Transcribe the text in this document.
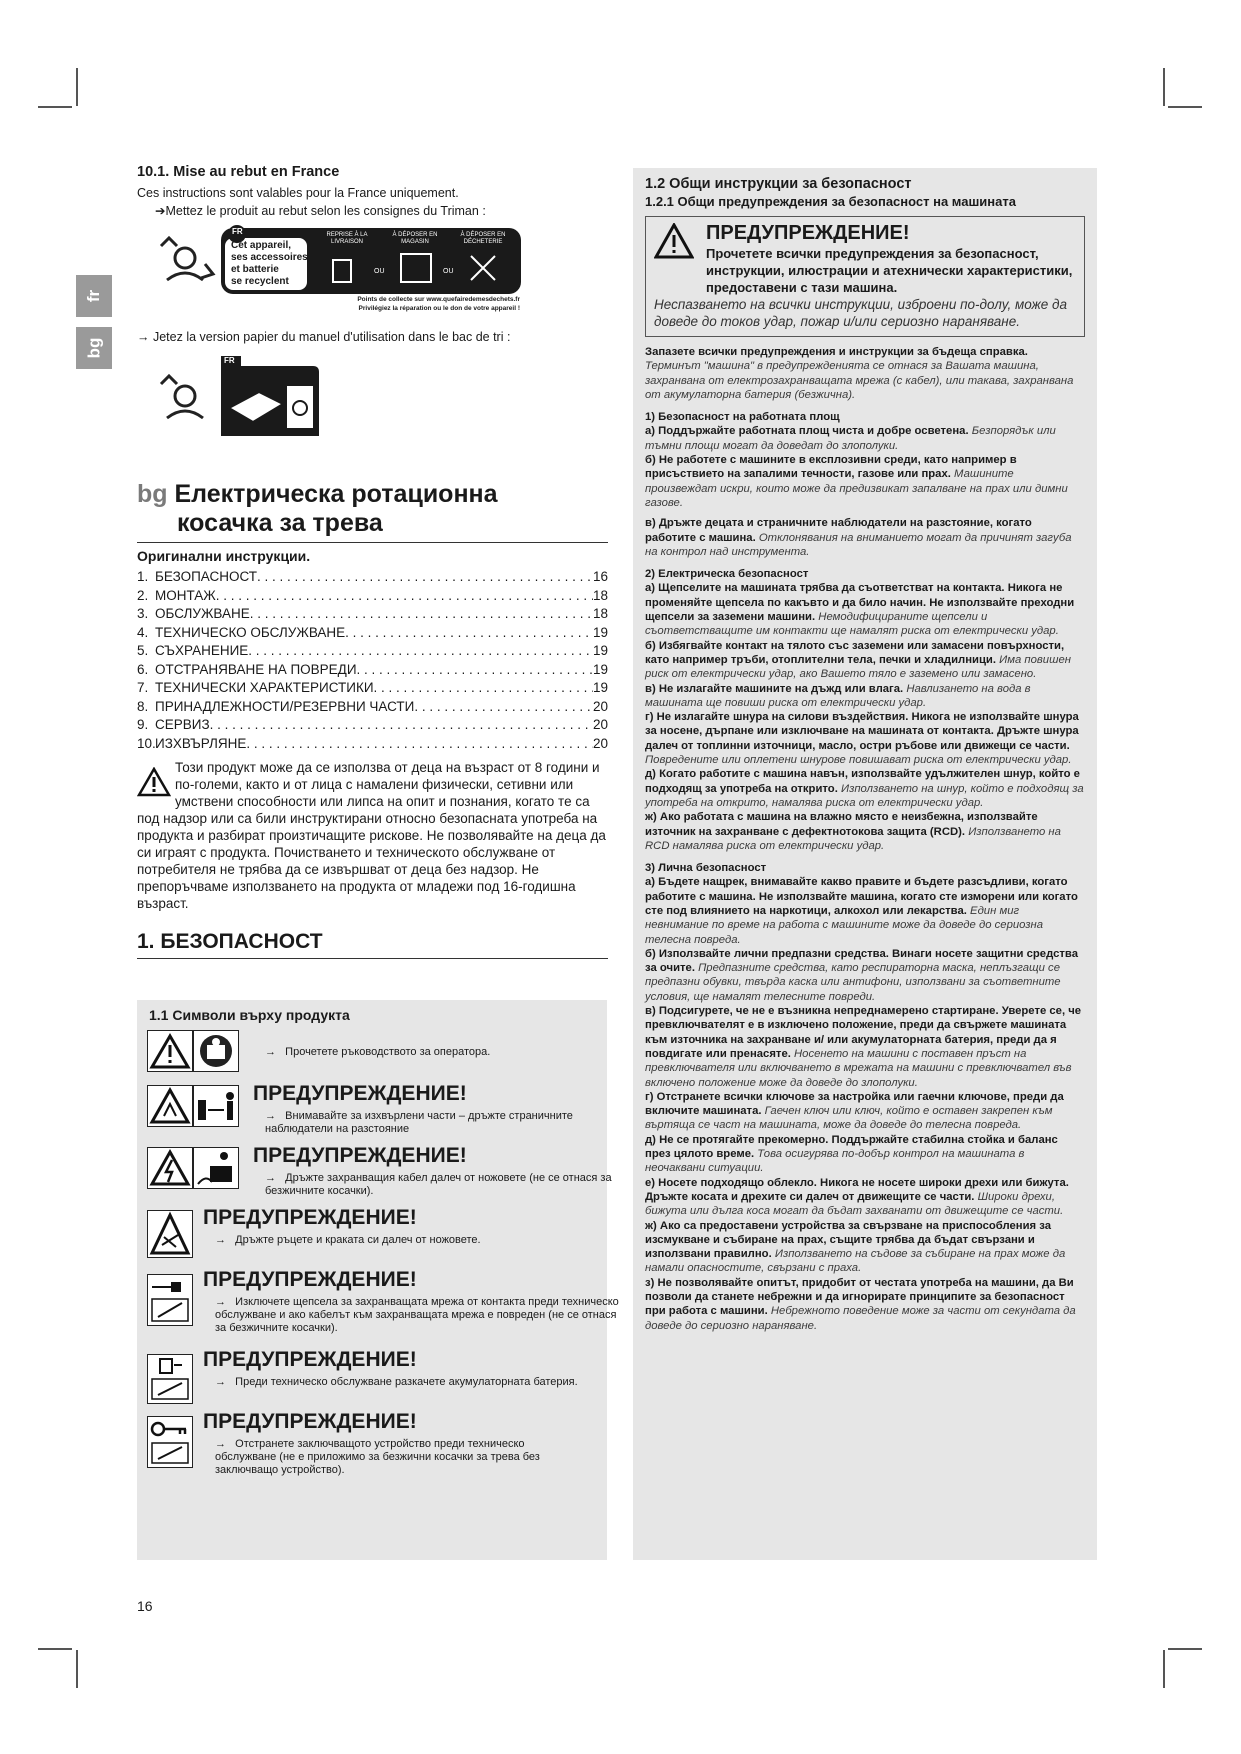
fr
bg

10.1. Mise au rebut en France

Ces instructions sont valables pour la France uniquement.

➔Mettez le produit au rebut selon les consignes du Triman :

FR
Cet appareil,
ses accessoires,
et batterie
se recyclent
REPRISE À LA LIVRAISON
À DÉPOSER EN MAGASIN
À DÉPOSER EN DÉCHETERIE
OU	OU
Points de collecte sur www.quefairedemesdechets.fr
Privilégiez la réparation ou le don de votre appareil !

→ Jetez la version papier du manuel d'utilisation dans le bac de tri :

FR
bg Електрическа ротационна
косачка за трева

Оригинални инструкции.

1. БЕЗОПАСНОСТ . . .	16
2. МОНТАЖ . . .	18
3. ОБСЛУЖВАНЕ . . .	18
4. ТЕХНИЧЕСКО ОБСЛУЖВАНЕ . . .	19
5. СЪХРАНЕНИЕ . . .	19
6. ОТСТРАНЯВАНЕ НА ПОВРЕДИ . . .	19
7. ТЕХНИЧЕСКИ ХАРАКТЕРИСТИКИ . . .	19
8. ПРИНАДЛЕЖНОСТИ/РЕЗЕРВНИ ЧАСТИ . . .	20
9. СЕРВИЗ . . .	20
10. ИЗХВЪРЛЯНЕ . . .	20

Този продукт може да се използва от деца на възраст от 8 години и по-големи, както и от лица с намалени физически, сетивни или умствени способности или липса на опит и познания, когато те са под надзор или са били инструктирани относно безопасната употреба на продукта и разбират произтичащите рискове. Не позволявайте на деца да си играят с продукта. Почистването и техническото обслужване от потребителя не трябва да се извършват от деца без надзор. Не препоръчваме използването на продукта от младежи под 16-годишна възраст.

1. БЕЗОПАСНОСТ
1.1 Символи върху продукта
→ Прочетете ръководството за оператора.
ПРЕДУПРЕЖДЕНИЕ!
→ Внимавайте за изхвърлени части – дръжте страничните наблюдатели на разстояние
ПРЕДУПРЕЖДЕНИЕ!
→ Дръжте захранващия кабел далеч от ножовете (не се отнася за безжичните косачки).
ПРЕДУПРЕЖДЕНИЕ!
→ Дръжте ръцете и краката си далеч от ножовете.
ПРЕДУПРЕЖДЕНИЕ!
→ Изключете щепсела за захранващата мрежа от контакта преди техническо обслужване и ако кабелът към захранващата мрежа е повреден (не се отнася за безжичните косачки).
ПРЕДУПРЕЖДЕНИЕ!
→ Преди техническо обслужване разкачете акумулаторната батерия.
ПРЕДУПРЕЖДЕНИЕ!
→ Отстранете заключващото устройство преди техническо обслужване (не е приложимо за безжични косачки за трева без заключващо устройство).

1.2 Общи инструкции за безопасност

1.2.1 Общи предупреждения за безопасност на машината

ПРЕДУПРЕЖДЕНИЕ!
Прочетете всички предупреждения за безопасност, инструкции, илюстрации и атехнически характеристики, предоставени с тази машина.
Неспазването на всички инструкции, изброени по-долу, може да доведе до токов удар, пожар и/или сериозно нараняване.

Запазете всички предупреждения и инструкции за бъдеща справка.

Терминът "машина" в предупрежденията се отнася за Вашата машина, захранвана от електрозахранващата мрежа (с кабел), или такава, захранвана от акумулаторна батерия (безжична).

1) Безопасност на работната площ

а) Поддържайте работната площ чиста и добре осветена. Безпорядък или тъмни площи могат да доведат до злополуки.

б) Не работете с машините в експлозивни среди, като например в присъствието на запалими течности, газове или прах. Машините произвеждат искри, които може да предизвикат запалване на прах или димни газове.

в) Дръжте децата и страничните наблюдатели на разстояние, когато работите с машина. Отклонявания на вниманието могат да причинят загуба на контрол над инструмента.

2) Електрическа безопасност

а) Щепселите на машината трябва да съответстват на контакта. Никога не променяйте щепсела по какъвто и да било начин. Не използвайте преходни щепсели за заземени машини. Немодифицираните щепсели и съответстващите им контакти ще намалят риска от електрически удар.

б) Избягвайте контакт на тялото със заземени или замасени повърхности, като например тръби, отоплителни тела, печки и хладилници. Има повишен риск от електрически удар, ако Вашето тяло е заземено или замасено.

в) Не излагайте машините на дъжд или влага. Навлизането на вода в машината ще повиши риска от електрически удар.

г) Не излагайте шнура на силови въздействия. Никога не използвайте шнура за носене, дърпане или изключване на машината от контакта. Дръжте шнура далеч от топлинни източници, масло, остри ръбове или движещи се части. Повредените или оплетени шнурове повишават риска от електрически удар.

д) Когато работите с машина навън, използвайте удължителен шнур, който е подходящ за употреба на открито. Използването на шнур, който е подходящ за употреба на открито, намалява риска от електрически удар.

ж) Ако работата с машина на влажно място е неизбежна, използвайте източник на захранване с дефектнотокова защита (RCD). Използването на RCD намалява риска от електрически удар.

3) Лична безопасност

а) Бъдете нащрек, внимавайте какво правите и бъдете разсъдливи, когато работите с машина. Не използвайте машина, когато сте изморени или когато сте под влиянието на наркотици, алкохол или лекарства. Един миг невнимание по време на работа с машините може да доведе до сериозна телесна повреда.

б) Използвайте лични предпазни средства. Винаги носете защитни средства за очите. Предпазните средства, като респираторна маска, неплъзгащи се предпазни обувки, твърда каска или антифони, използвани за съответните условия, ще намалят телесните повреди.

в) Подсигурете, че не е възникна непреднамерено стартиране. Уверете се, че превключвателят е в изключено положение, преди да свържете машината към източника на захранване и/ или акумулаторната батерия, преди да я повдигате или пренасяте. Носенето на машини с поставен пръст на превключвателя или включването в мрежата на машини с превключвател във включено положение може да доведе до злополуки.

г) Отстранете всички ключове за настройка или гаечни ключове, преди да включите машината. Гаечен ключ или ключ, който е оставен закрепен към въртяща се част на машината, може да доведе до телесна повреда.

д) Не се протягайте прекомерно. Поддържайте стабилна стойка и баланс през цялото време. Това осигурява по-добър контрол на машината в неочаквани ситуации.

е) Носете подходящо облекло. Никога не носете широки дрехи или бижута. Дръжте косата и дрехите си далеч от движещите се части. Широки дрехи, бижута или дълга коса могат да бъдат захванати от движещите се части.

ж) Ако са предоставени устройства за свързване на приспособления за изсмукване и събиране на прах, същите трябва да бъдат свързани и използвани правилно. Използването на съдове за събиране на прах може да намали опасностите, свързани с праха.

з) Не позволявайте опитът, придобит от честата употреба на машини, да Ви позволи да станете небрежни и да игнорирате принципите за безопасност при работа с машини. Небрежното поведение може за части от секундата да доведе до сериозно нараняване.

16
